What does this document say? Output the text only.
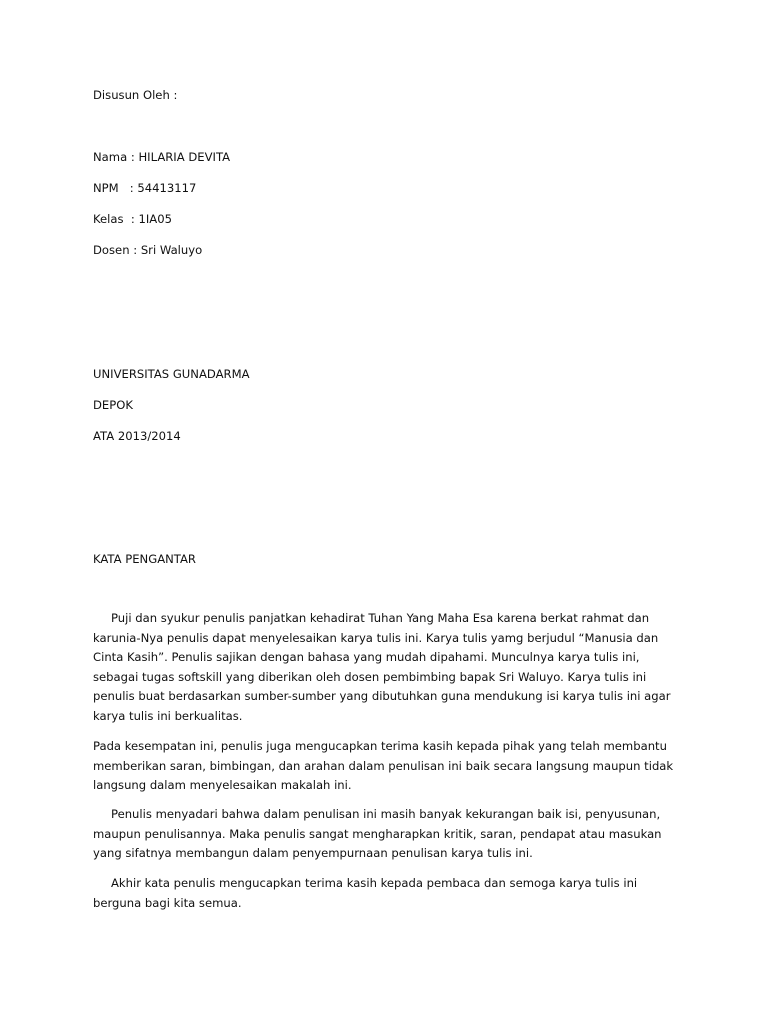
Disusun Oleh :
Nama : HILARIA DEVITA
NPM   : 54413117
Kelas  : 1IA05
Dosen : Sri Waluyo
UNIVERSITAS GUNADARMA
DEPOK
ATA 2013/2014
KATA PENGANTAR

Puji dan syukur penulis panjatkan kehadirat Tuhan Yang Maha Esa karena berkat rahmat dan karunia-Nya penulis dapat menyelesaikan karya tulis ini. Karya tulis yamg berjudul “Manusia dan Cinta Kasih”. Penulis sajikan dengan bahasa yang mudah dipahami. Munculnya karya tulis ini, sebagai tugas softskill yang diberikan oleh dosen pembimbing bapak Sri Waluyo. Karya tulis ini penulis buat berdasarkan sumber-sumber yang dibutuhkan guna mendukung isi karya tulis ini agar karya tulis ini berkualitas.

Pada kesempatan ini, penulis juga mengucapkan terima kasih kepada pihak yang telah membantu memberikan saran, bimbingan, dan arahan dalam penulisan ini baik secara langsung maupun tidak langsung dalam menyelesaikan makalah ini.

Penulis menyadari bahwa dalam penulisan ini masih banyak kekurangan baik isi, penyusunan, maupun penulisannya. Maka penulis sangat mengharapkan kritik, saran, pendapat atau masukan yang sifatnya membangun dalam penyempurnaan penulisan karya tulis ini.

Akhir kata penulis mengucapkan terima kasih kepada pembaca dan semoga karya tulis ini berguna bagi kita semua.
